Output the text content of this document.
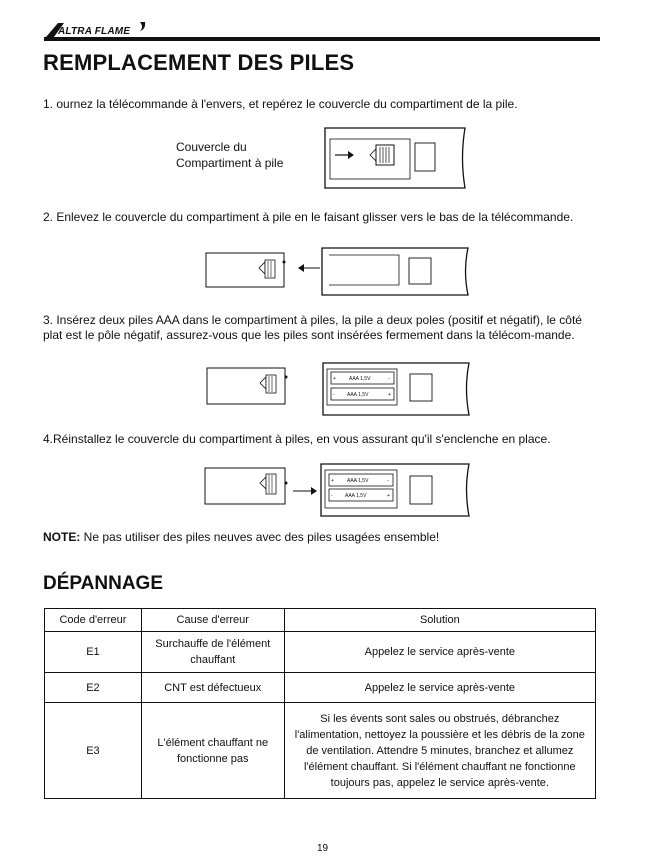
ALTRA FLAME
REMPLACEMENT DES PILES
1. ournez la télécommande à l'envers, et repérez le couvercle du compartiment de la pile.
Couvercle du
Compartiment à pile
2. Enlevez le couvercle du compartiment à pile en le faisant glisser vers le bas de la télécommande.
3. Insérez deux piles AAA dans le compartiment à piles, la pile a deux poles (positif et négatif), le côté plat est le pôle négatif, assurez-vous que les piles sont insérées fermement dans la télécom-mande.
+	AAA 1,5V	-
- AAA 1,5V	+
4.Réinstallez le couvercle du compartiment à piles, en vous assurant qu'il s'enclenche en place.
+	AAA 1,5V	-
- AAA 1,5V	+
NOTE: Ne pas utiliser des piles neuves avec des piles usagées ensemble!
DÉPANNAGE
Code d'erreur	Cause d'erreur	Solution
E1	Surchauffe de l'élément chauffant	Appelez le service après-vente
E2	CNT est défectueux	Appelez le service après-vente
E3	L'élément chauffant ne fonctionne pas	Si les évents sont sales ou obstrués, débranchez l'alimentation, nettoyez la poussière et les débris de la zone de ventilation. Attendre 5 minutes, branchez et allumez l'élément chauffant. Si l'élément chauffant ne fonctionne toujours pas, appelez le service après-vente.
19
